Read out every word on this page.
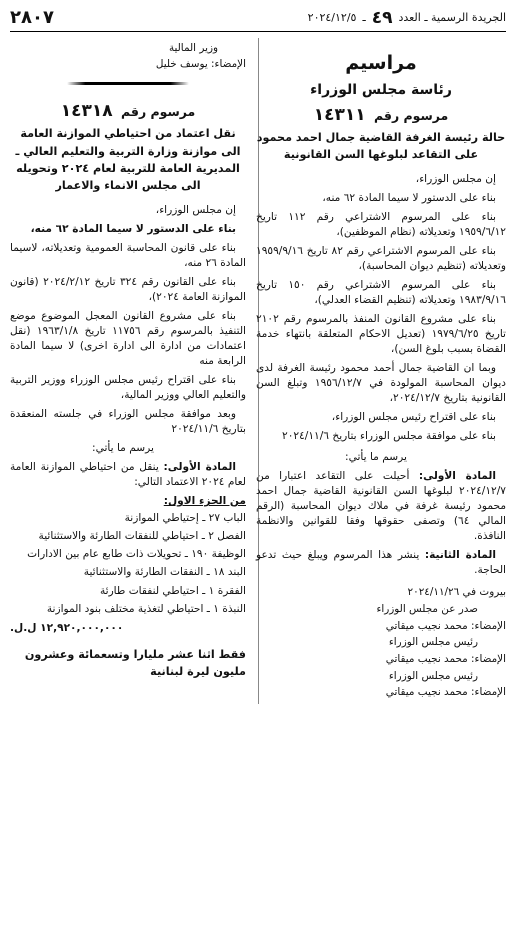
الجريدة الرسمية ـ العدد
٤٩
ـ
٢٠٢٤/١٢/٥
٢٨٠٧
مراسيم
رئاسة مجلس الوزراء
مرسوم رقم ١٤٣١١
حالة رئيسة الغرفة القاضية جمال احمد محمود على التقاعد لبلوغها السن القانونية

إن مجلس الوزراء،

بناء على الدستور لا سيما المادة ٦٢ منه،

بناء على المرسوم الاشتراعي رقم ١١٢ تاريخ ١٩٥٩/٦/١٢ وتعديلاته (نظام الموظفين)،

بناء على المرسوم الاشتراعي رقم ٨٢ تاريخ ١٩٥٩/٩/١٦ وتعديلاته (تنظيم ديوان المحاسبة)،

بناء على المرسوم الاشتراعي رقم ١٥٠ تاريخ ١٩٨٣/٩/١٦ وتعديلاته (تنظيم القضاء العدلي)،

بناء على مشروع القانون المنفذ بالمرسوم رقم ٢١٠٢ تاريخ ١٩٧٩/٦/٢٥ (تعديل الاحكام المتعلقة بانتهاء خدمة القضاة بسبب بلوغ السن)،

وبما ان القاضية جمال أحمد محمود رئيسة الغرفة لدى ديوان المحاسبة المولودة في ١٩٥٦/١٢/٧ وتبلغ السن القانونية بتاريخ ٢٠٢٤/١٢/٧،

بناء على اقتراح رئيس مجلس الوزراء،

بناء على موافقة مجلس الوزراء بتاريخ ٢٠٢٤/١١/٦

يرسم ما يأتي:

المادة الأولى: أحيلت على التقاعد اعتبارا من ٢٠٢٤/١٢/٧ لبلوغها السن القانونية القاضية جمال احمد محمود رئيسة غرفة في ملاك ديوان المحاسبة (الرقم المالي ٦٤) وتصفى حقوقها وفقا للقوانين والانظمة النافذة.

المادة الثانية: ينشر هذا المرسوم ويبلغ حيث تدعو الحاجة.

بيروت في ٢٠٢٤/١١/٢٦
صدر عن مجلس الوزراء
الإمضاء: محمد نجيب ميقاتي
رئيس مجلس الوزراء
الإمضاء: محمد نجيب ميقاتي
رئيس مجلس الوزراء
الإمضاء: محمد نجيب ميقاتي
وزير المالية
الإمضاء: يوسف خليل
مرسوم رقم ١٤٣١٨
نقل اعتماد من احتياطي الموازنة العامة الى موازنة وزارة التربية والتعليم العالي ـ المديرية العامة للتربية لعام ٢٠٢٤ وتحويله الى مجلس الانماء والاعمار

إن مجلس الوزراء،

بناء على الدستور لا سيما المادة ٦٢ منه،

بناء على قانون المحاسبة العمومية وتعديلاته، لاسيما المادة ٢٦ منه،

بناء على القانون رقم ٣٢٤ تاريخ ٢٠٢٤/٢/١٢ (قانون الموازنة العامة ٢٠٢٤)،

بناء على مشروع القانون المعجل الموضوع موضع التنفيذ بالمرسوم رقم ١١٧٥٦ تاريخ ١٩٦٣/١/٨ (نقل اعتمادات من ادارة الى ادارة اخرى) لا سيما المادة الرابعة منه

بناء على اقتراح رئيس مجلس الوزراء ووزير التربية والتعليم العالي ووزير المالية،

وبعد موافقة مجلس الوزراء في جلسته المنعقدة بتاريخ ٢٠٢٤/١١/٦

يرسم ما يأتي:

المادة الأولى: ينقل من احتياطي الموازنة العامة لعام ٢٠٢٤ الاعتماد التالي:

من الجزء الاول:
الباب ٢٧ ـ إحتياطي الموازنة
الفصل ٢ ـ احتياطي للنفقات الطارئة والاستثنائية
الوظيفة ١٩٠ ـ تحويلات ذات طابع عام بين الادارات
البند ١٨ ـ النفقات الطارئة والاستثنائية
الفقرة ١ ـ احتياطي لنفقات طارئة
النبذة ١ ـ احتياطي لتغذية مختلف بنود الموازنة
١٢,٩٢٠,٠٠٠,٠٠٠ ل.ل.
فقط اثنا عشر مليارا وتسعمائة وعشرون مليون ليرة لبنانية
